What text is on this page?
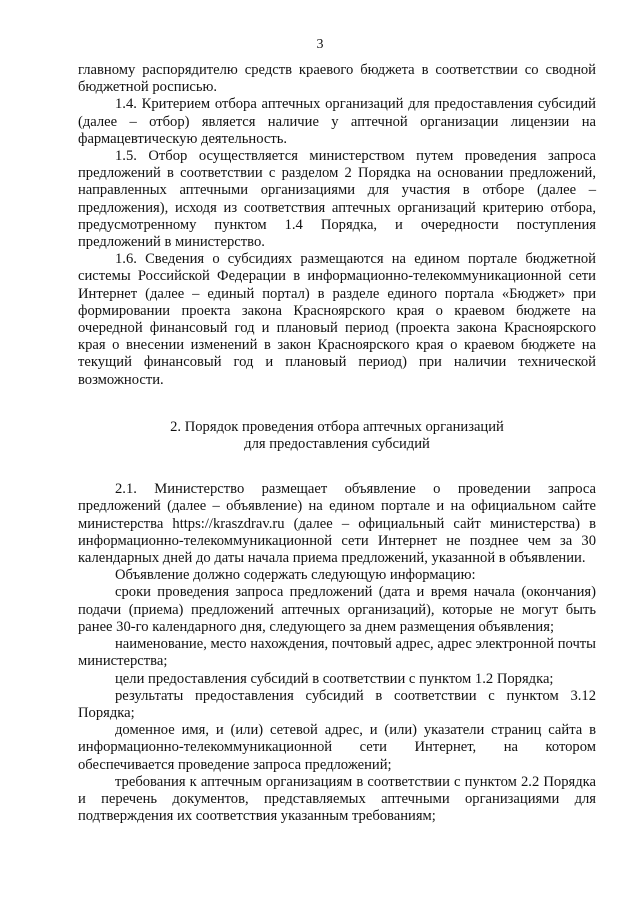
3

главному распорядителю средств краевого бюджета в соответствии со сводной бюджетной росписью.

1.4. Критерием отбора аптечных организаций для предоставления субсидий (далее – отбор) является наличие у аптечной организации лицензии на фармацевтическую деятельность.

1.5. Отбор осуществляется министерством путем проведения запроса предложений в соответствии с разделом 2 Порядка на основании предложений, направленных аптечными организациями для участия в отборе (далее – предложения), исходя из соответствия аптечных организаций критерию отбора, предусмотренному пунктом 1.4 Порядка, и очередности поступления предложений в министерство.

1.6. Сведения о субсидиях размещаются на едином портале бюджетной системы Российской Федерации в информационно-телекоммуникационной сети Интернет (далее – единый портал) в разделе единого портала «Бюджет» при формировании проекта закона Красноярского края о краевом бюджете на очередной финансовый год и плановый период (проекта закона Красноярского края о внесении изменений в закон Красноярского края о краевом бюджете на текущий финансовый год и плановый период) при наличии технической возможности.

2. Порядок проведения отбора аптечных организаций
для предоставления субсидий

2.1. Министерство размещает объявление о проведении запроса предложений (далее – объявление) на едином портале и на официальном сайте министерства https://kraszdrav.ru (далее – официальный сайт министерства) в информационно-телекоммуникационной сети Интернет не позднее чем за 30 календарных дней до даты начала приема предложений, указанной в объявлении.

Объявление должно содержать следующую информацию:

сроки проведения запроса предложений (дата и время начала (окончания) подачи (приема) предложений аптечных организаций), которые не могут быть ранее 30-го календарного дня, следующего за днем размещения объявления;

наименование, место нахождения, почтовый адрес, адрес электронной почты министерства;

цели предоставления субсидий в соответствии с пунктом 1.2 Порядка;

результаты предоставления субсидий в соответствии с пунктом 3.12 Порядка;

доменное имя, и (или) сетевой адрес, и (или) указатели страниц сайта в информационно-телекоммуникационной сети Интернет, на котором обеспечивается проведение запроса предложений;

требования к аптечным организациям в соответствии с пунктом 2.2 Порядка и перечень документов, представляемых аптечными организациями для подтверждения их соответствия указанным требованиям;
